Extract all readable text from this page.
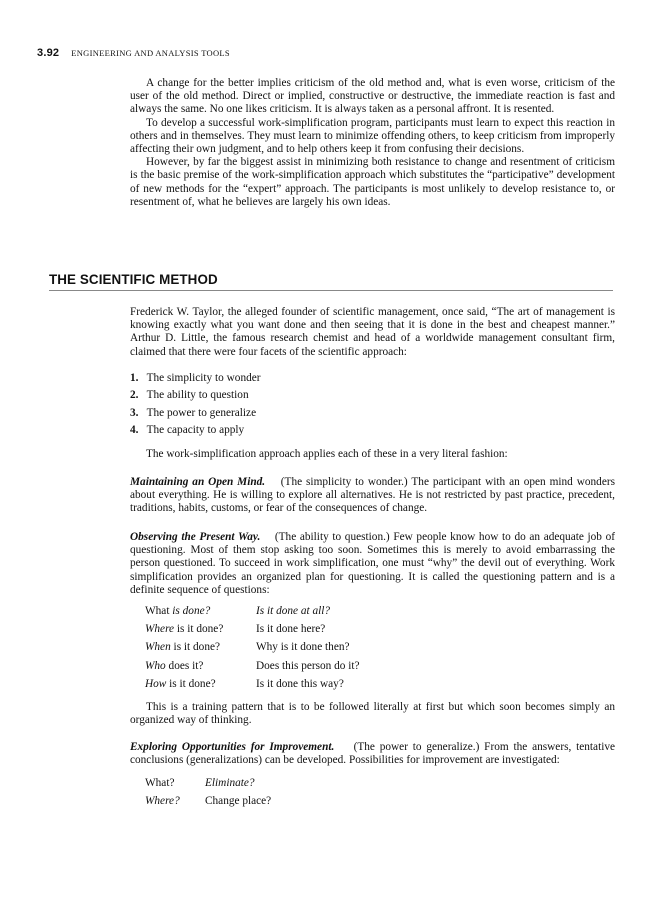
3.92 ENGINEERING AND ANALYSIS TOOLS

A change for the better implies criticism of the old method and, what is even worse, criticism of the user of the old method. Direct or implied, constructive or destructive, the immediate reaction is fast and always the same. No one likes criticism. It is always taken as a personal affront. It is resented.

To develop a successful work-simplification program, participants must learn to expect this reaction in others and in themselves. They must learn to minimize offending others, to keep criticism from improperly affecting their own judgment, and to help others keep it from confusing their decisions.

However, by far the biggest assist in minimizing both resistance to change and resentment of criticism is the basic premise of the work-simplification approach which substitutes the “participative” development of new methods for the “expert” approach. The participants is most unlikely to develop resistance to, or resentment of, what he believes are largely his own ideas.

THE SCIENTIFIC METHOD

Frederick W. Taylor, the alleged founder of scientific management, once said, “The art of management is knowing exactly what you want done and then seeing that it is done in the best and cheapest manner.” Arthur D. Little, the famous research chemist and head of a worldwide management consultant firm, claimed that there were four facets of the scientific approach:

1. The simplicity to wonder
2. The ability to question
3. The power to generalize
4. The capacity to apply

The work-simplification approach applies each of these in a very literal fashion:

Maintaining an Open Mind. (The simplicity to wonder.) The participant with an open mind wonders about everything. He is willing to explore all alternatives. He is not restricted by past practice, precedent, traditions, habits, customs, or fear of the consequences of change.

Observing the Present Way. (The ability to question.) Few people know how to do an adequate job of questioning. Most of them stop asking too soon. Sometimes this is merely to avoid embarrassing the person questioned. To succeed in work simplification, one must “why” the devil out of everything. Work simplification provides an organized plan for questioning. It is called the questioning pattern and is a definite sequence of questions:

What is done?	Is it done at all?
Where is it done?	Is it done here?
When is it done?	Why is it done then?
Who does it?	Does this person do it?
How is it done?	Is it done this way?

This is a training pattern that is to be followed literally at first but which soon becomes simply an organized way of thinking.

Exploring Opportunities for Improvement. (The power to generalize.) From the answers, tentative conclusions (generalizations) can be developed. Possibilities for improvement are investigated:

What?	Eliminate?
Where?	Change place?
